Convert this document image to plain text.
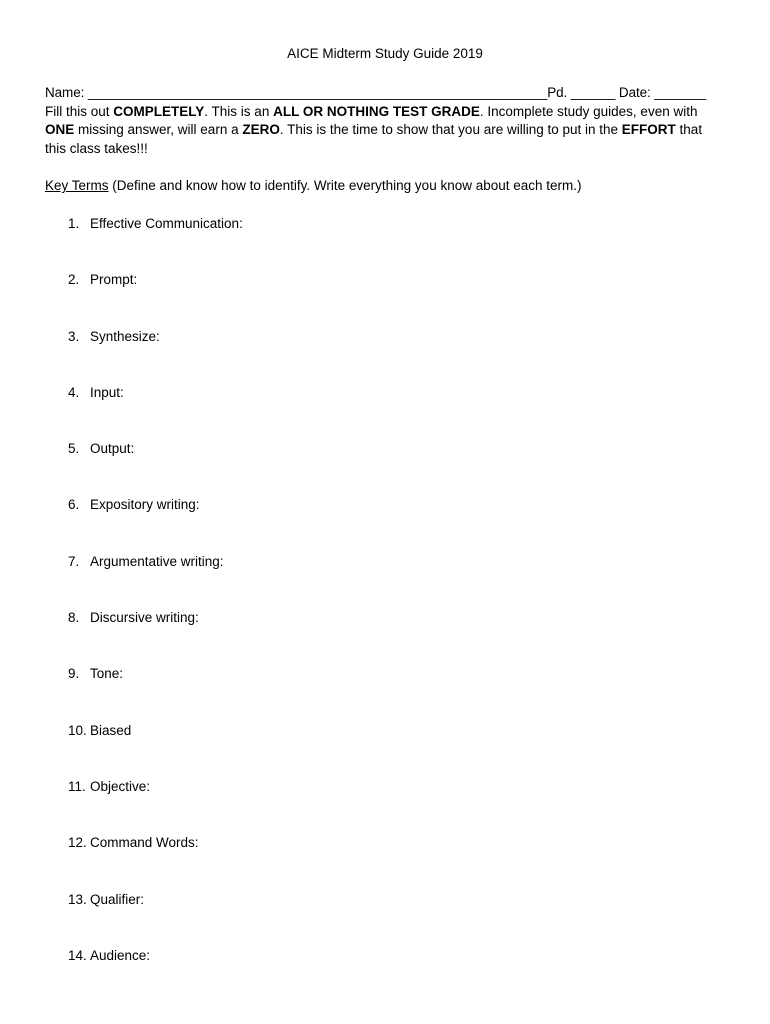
AICE Midterm Study Guide 2019

Name: ______________________________________________________________Pd. ______ Date: _______

Fill this out COMPLETELY. This is an ALL OR NOTHING TEST GRADE. Incomplete study guides, even with ONE missing answer, will earn a ZERO. This is the time to show that you are willing to put in the EFFORT that this class takes!!!

Key Terms (Define and know how to identify. Write everything you know about each term.)
1. Effective Communication:
2. Prompt:
3. Synthesize:
4. Input:
5. Output:
6. Expository writing:
7. Argumentative writing:
8. Discursive writing:
9. Tone:
10. Biased
11. Objective:
12. Command Words:
13. Qualifier:
14. Audience:
